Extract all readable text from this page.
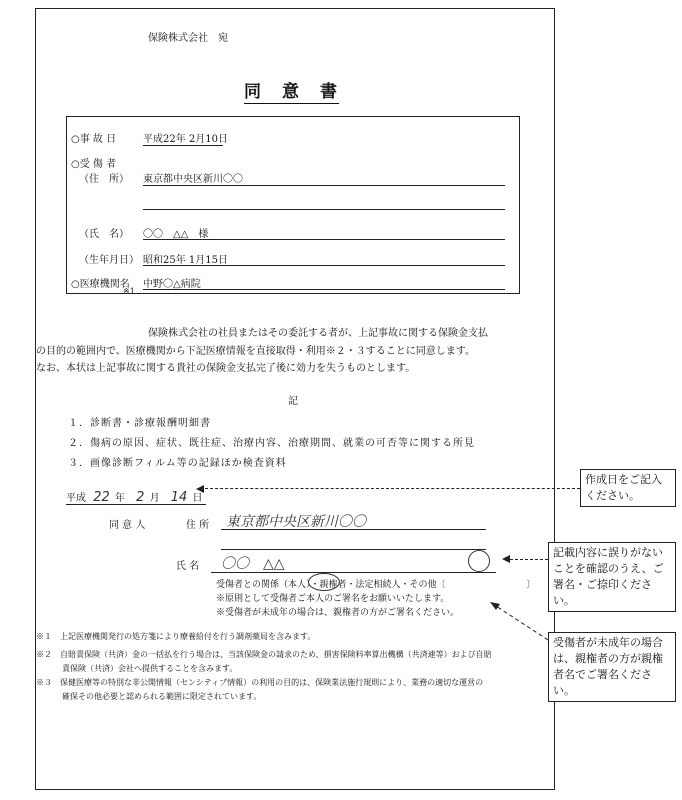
保険株式会社　宛
同　意　書
○事 故 日	平成22年 2月10日
○受 傷 者
（住　所） 東京都中央区新川〇〇
（氏　名） 〇〇　△△　様
（生年月日） 昭和25年 1月15日
○医療機関名
※1
中野〇△病院
保険株式会社の社員またはその委託する者が、上記事故に関する保険金支払
の目的の範囲内で、医療機関から下記医療情報を直接取得・利用※２・３することに同意します。
なお、本状は上記事故に関する貴社の保険金支払完了後に効力を失うものとします。
記
１．診断書・診療報酬明細書
２．傷病の原因、症状、既往症、治療内容、治療期間、就業の可否等に関する所見
３．画像診断フィルム等の記録ほか検査資料
平成 22 年 2 月 14 日
同 意 人	住 所 東京都中央区新川〇〇
氏 名 〇〇　△△
受傷者との関係（本人）・親権者・法定相続人・その他〔　　　　　　　　　〕
※原則として受傷者ご本人のご署名をお願いいたします。
※受傷者が未成年の場合は、親権者の方がご署名ください。
※１　上記医療機関発行の処方箋により療養給付を行う調剤薬局を含みます。
※２　自賠責保険（共済）金の一括払を行う場合は、当該保険金の請求のため、損害保険料率算出機構（共済連等）および自賠
責保険（共済）会社へ提供することを含みます。
※３　保健医療等の特別な非公開情報（センシティブ情報）の利用の目的は、保険業法施行規則により、業務の適切な運営の
確保その他必要と認められる範囲に限定されています。
作成日をご記入
ください。
記載内容に誤りがない
ことを確認のうえ、ご
署名・ご捺印ください。
受傷者が未成年の場合
は、親権者の方が親権
者名でご署名ください。
